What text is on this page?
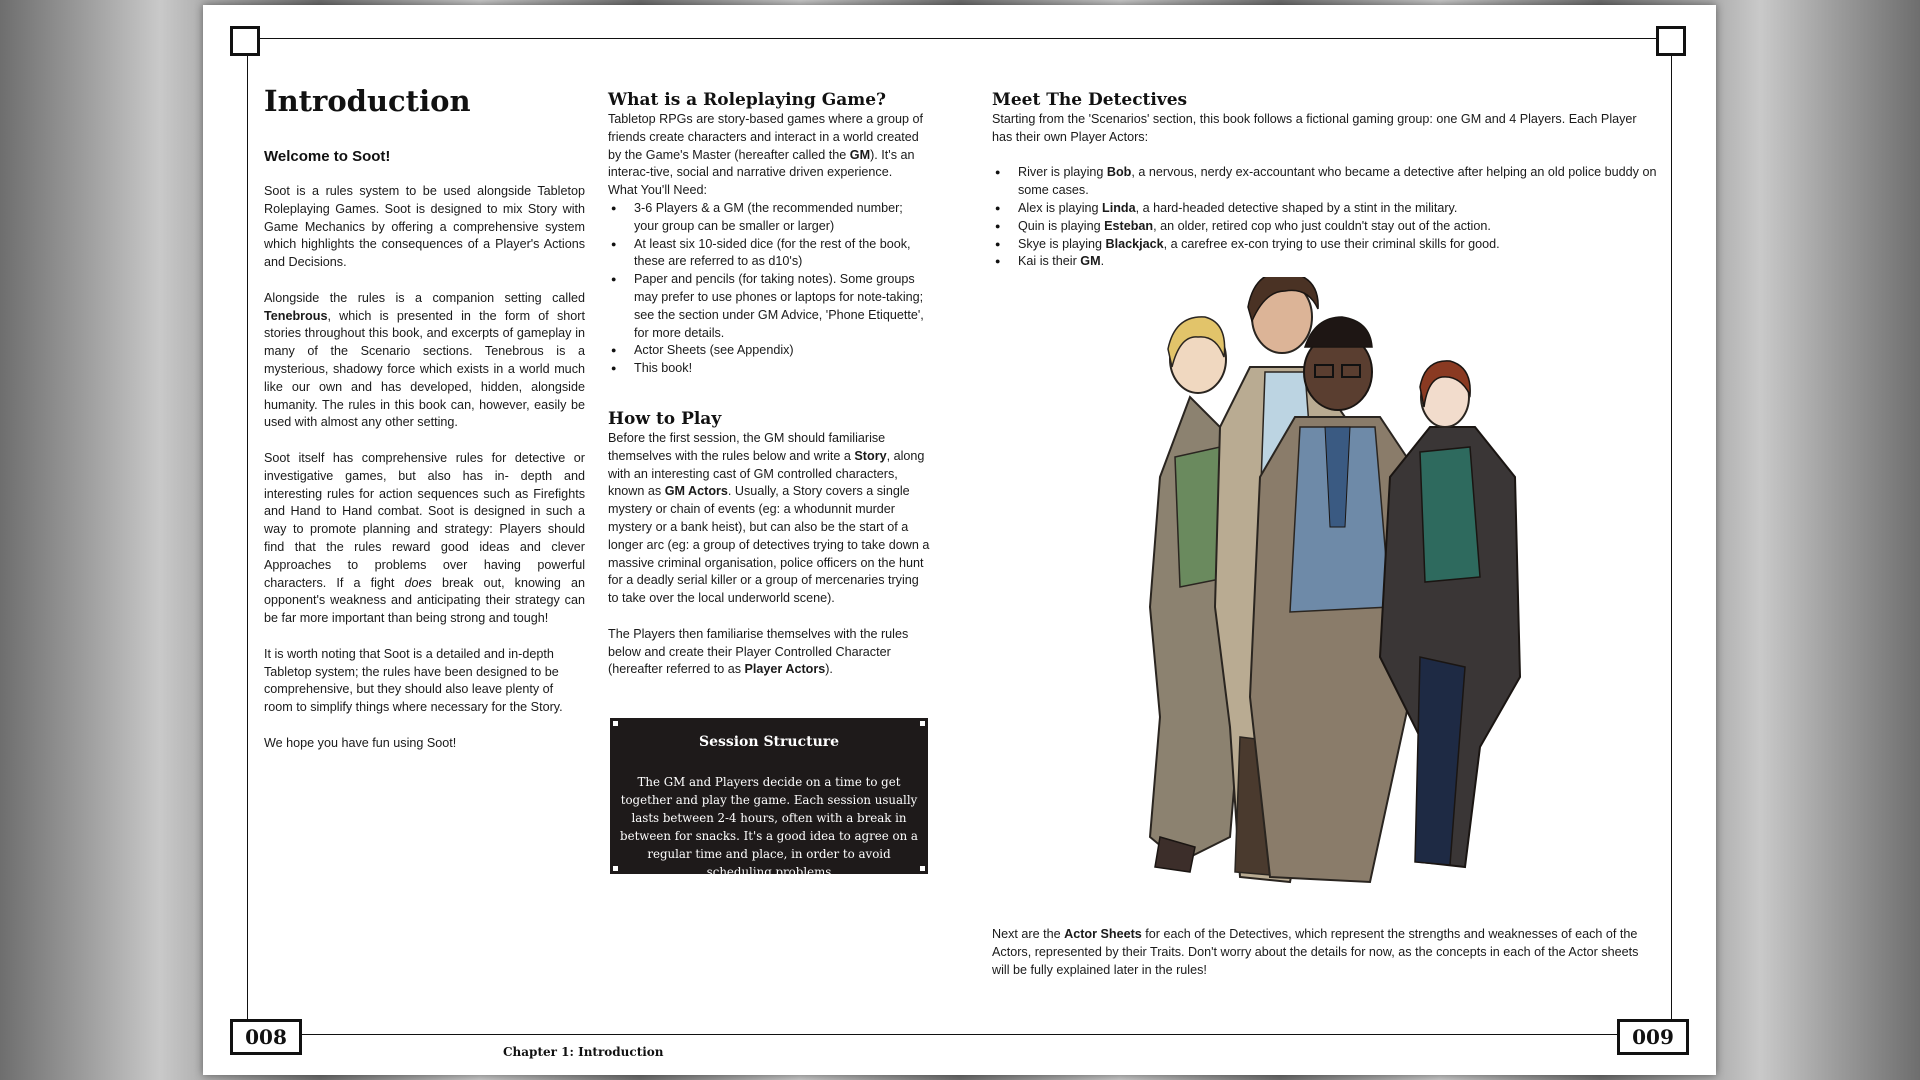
008	009
Chapter 1: Introduction
Introduction
Welcome to Soot!

Soot is a rules system to be used alongside Tabletop Roleplaying Games. Soot is designed to mix Story with Game Mechanics by offering a comprehensive system which highlights the consequences of a Player's Actions and Decisions.

Alongside the rules is a companion setting called Tenebrous, which is presented in the form of short stories throughout this book, and excerpts of gameplay in many of the Scenario sections. Tenebrous is a mysterious, shadowy force which exists in a world much like our own and has developed, hidden, alongside humanity. The rules in this book can, however, easily be used with almost any other setting.

Soot itself has comprehensive rules for detective or investigative games, but also has in- depth and interesting rules for action sequences such as Firefights and Hand to Hand combat. Soot is designed in such a way to promote planning and strategy: Players should find that the rules reward good ideas and clever Approaches to problems over having powerful characters. If a fight does break out, knowing an opponent's weakness and anticipating their strategy can be far more important than being strong and tough!

It is worth noting that Soot is a detailed and in-depth Tabletop system; the rules have been designed to be comprehensive, but they should also leave plenty of room to simplify things where necessary for the Story.

We hope you have fun using Soot!

What is a Roleplaying Game?

Tabletop RPGs are story-based games where a group of friends create characters and interact in a world created by the Game's Master (hereafter called the GM). It's an interac-tive, social and narrative driven experience.

What You'll Need:

● 3-6 Players & a GM (the recommended number; your group can be smaller or larger)
● At least six 10-sided dice (for the rest of the book, these are referred to as d10's)
● Paper and pencils (for taking notes). Some groups may prefer to use phones or laptops for note-taking; see the section under GM Advice, 'Phone Etiquette', for more details.
● Actor Sheets (see Appendix)
● This book!
How to Play

Before the first session, the GM should familiarise themselves with the rules below and write a Story, along with an interesting cast of GM controlled characters, known as GM Actors. Usually, a Story covers a single mystery or chain of events (eg: a whodunnit murder mystery or a bank heist), but can also be the start of a longer arc (eg: a group of detectives trying to take down a massive criminal organisation, police officers on the hunt for a deadly serial killer or a group of mercenaries trying to take over the local underworld scene).

The Players then familiarise themselves with the rules below and create their Player Controlled Character (hereafter referred to as Player Actors).

Session Structure

The GM and Players decide on a time to get together and play the game. Each session usually lasts between 2-4 hours, often with a break in between for snacks. It's a good idea to agree on a regular time and place, in order to avoid scheduling problems

Meet The Detectives

Starting from the 'Scenarios' section, this book follows a fictional gaming group: one GM and 4 Players. Each Player has their own Player Actors:

● River is playing Bob, a nervous, nerdy ex-accountant who became a detective after helping an old police buddy on some cases.
● Alex is playing Linda, a hard-headed detective shaped by a stint in the military.
● Quin is playing Esteban, an older, retired cop who just couldn't stay out of the action.
● Skye is playing Blackjack, a carefree ex-con trying to use their criminal skills for good.
● Kai is their GM.

Next are the Actor Sheets for each of the Detectives, which represent the strengths and weaknesses of each of the Actors, represented by their Traits. Don't worry about the details for now, as the concepts in each of the Actor sheets will be fully explained later in the rules!
